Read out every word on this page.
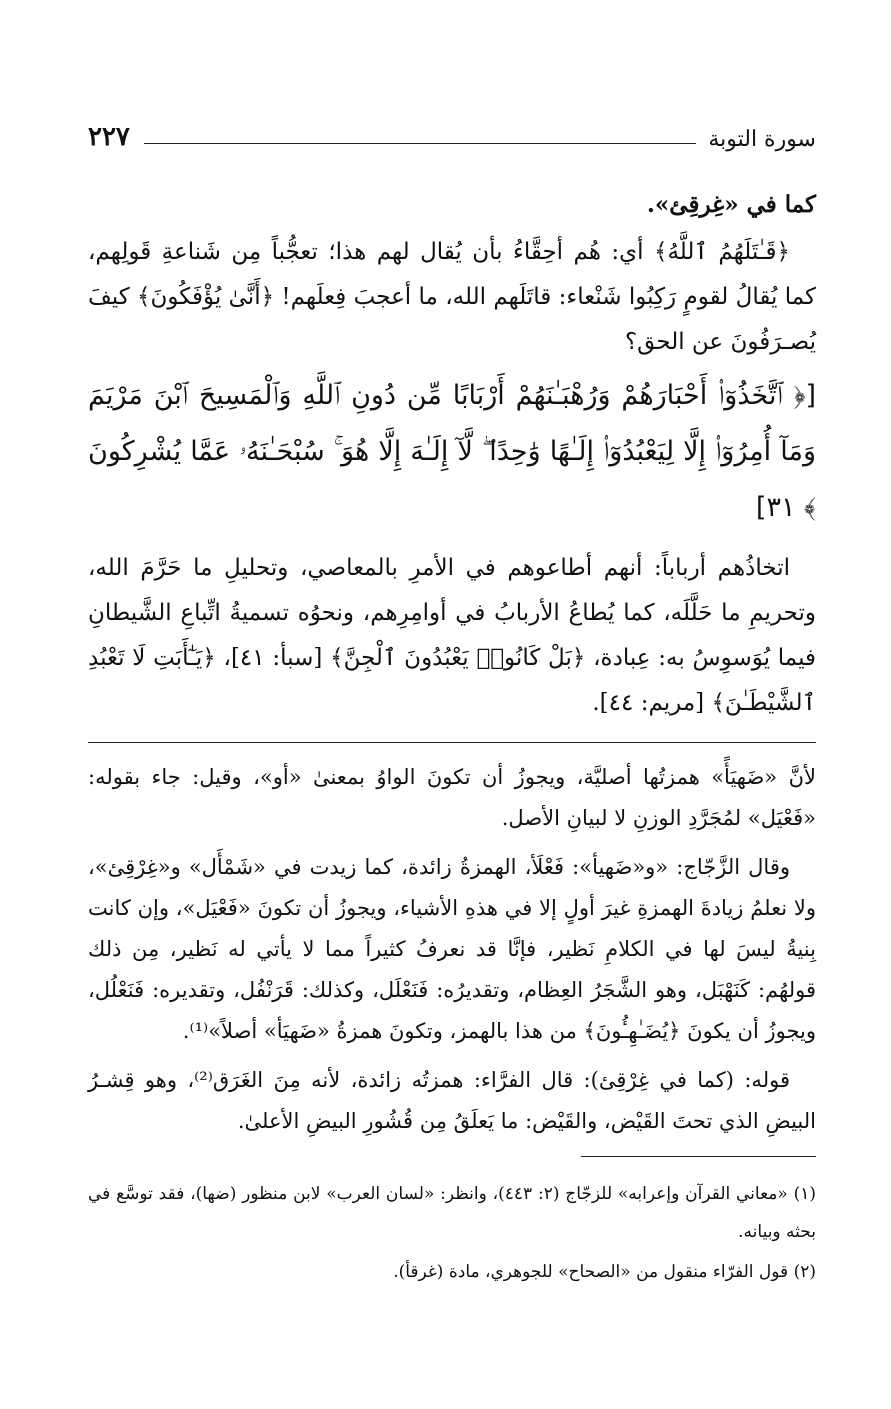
سورة التوبة
٢٢٧

كما في «غِرقِئ».

﴿قَـٰتَلَهُمُ ٱللَّهُ﴾ أي: هُم أحِقَّاءُ بأن يُقال لهم هذا؛ تعجُّباً مِن شَناعةِ قَولِهم، كما يُقالُ لقومٍ رَكِبُوا شَنْعاء: قاتَلَهم الله، ما أعجبَ فِعلَهم! ﴿أَنَّىٰ يُؤْفَكُونَ﴾ كيفَ يُصـرَفُونَ عن الحق؟

[﴿ ٱتَّخَذُوٓا۟ أَحْبَارَهُمْ وَرُهْبَـٰنَهُمْ أَرْبَابًا مِّن دُونِ ٱللَّهِ وَٱلْمَسِيحَ ٱبْنَ مَرْيَمَ وَمَآ أُمِرُوٓا۟ إِلَّا لِيَعْبُدُوٓا۟ إِلَـٰهًا وَٰحِدًا ۖ لَّآ إِلَـٰهَ إِلَّا هُوَ ۚ سُبْحَـٰنَهُۥ عَمَّا يُشْرِكُونَ ﴾ ٣١]

اتخاذُهم أرباباً: أنهم أطاعوهم في الأمرِ بالمعاصي، وتحليلِ ما حَرَّمَ الله، وتحريمِ ما حَلَّلَه، كما يُطاعُ الأربابُ في أوامِرِهم، ونحوُه تسميةُ اتِّباعِ الشَّيطانِ فيما يُوَسوِسُ به: عِبادة، ﴿بَلْ كَانُوا۟ يَعْبُدُونَ ٱلْجِنَّ﴾ [سبأ: ٤١]، ﴿يَـٰٓأَبَتِ لَا تَعْبُدِ ٱلشَّيْطَـٰنَ﴾ [مريم: ٤٤].

لأنَّ «ضَهيَأً» همزتُها أصليَّة، ويجوزُ أن تكونَ الواوُ بمعنىٰ «أو»، وقيل: جاء بقوله: «فَعْيَل» لمُجَرَّدِ الوزنِ لا لبيانِ الأصل.

وقال الزَّجّاج: «و«ضَهيأ»: فَعْلَأ، الهمزةُ زائدة، كما زيدت في «شَمْأَل» و«غِرْقِئ»، ولا نعلمُ زيادةَ الهمزةِ غيرَ أولٍ إلا في هذهِ الأشياء، ويجوزُ أن تكونَ «فَعْيَل»، وإن كانت بِنيةُ ليسَ لها في الكلامِ نَظير، فإنَّا قد نعرفُ كثيراً مما لا يأتي له نَظير، مِن ذلك قولهُم: كَنَهْبَل، وهو الشَّجَرُ العِظام، وتقديرُه: فَنَعْلَل، وكذلك: قَرَنْفُل، وتقديره: فَنَعْلُل، ويجوزُ أن يكونَ ﴿يُضَـٰهِـُٔونَ﴾ من هذا بالهمز، وتكونَ همزةُ «ضَهيَأ» أصلاً»⁽¹⁾.

قوله: (كما في غِرْقِئ): قال الفرَّاء: همزتُه زائدة، لأنه مِنَ الغَرَق⁽²⁾، وهو قِشـرُ البيضِ الذي تحتَ القَيْض، والقَيْض: ما يَعلَقُ مِن قُشُورِ البيضِ الأعلىٰ.

(١) «معاني القرآن وإعرابه» للزجّاج (٢: ٤٤٣)، وانظر: «لسان العرب» لابن منظور (ضها)، فقد توسَّع في بحثه وبيانه.

(٢) قول الفرّاء منقول من «الصحاح» للجوهري، مادة (غرقأ).
